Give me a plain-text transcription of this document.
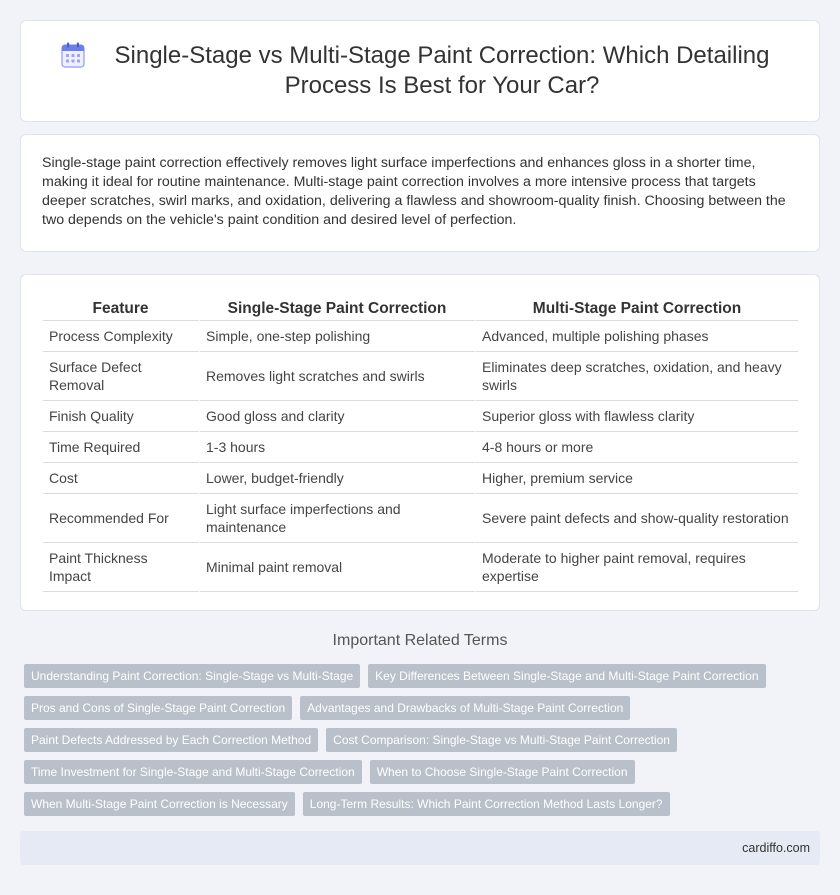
Single-Stage vs Multi-Stage Paint Correction: Which Detailing Process Is Best for Your Car?

Single-stage paint correction effectively removes light surface imperfections and enhances gloss in a shorter time, making it ideal for routine maintenance. Multi-stage paint correction involves a more intensive process that targets deeper scratches, swirl marks, and oxidation, delivering a flawless and showroom-quality finish. Choosing between the two depends on the vehicle's paint condition and desired level of perfection.

Feature	Single-Stage Paint Correction	Multi-Stage Paint Correction
Process Complexity	Simple, one-step polishing	Advanced, multiple polishing phases
Surface Defect Removal	Removes light scratches and swirls	Eliminates deep scratches, oxidation, and heavy swirls
Finish Quality	Good gloss and clarity	Superior gloss with flawless clarity
Time Required	1-3 hours	4-8 hours or more
Cost	Lower, budget-friendly	Higher, premium service
Recommended For	Light surface imperfections and maintenance	Severe paint defects and show-quality restoration
Paint Thickness Impact	Minimal paint removal	Moderate to higher paint removal, requires expertise
Important Related Terms
Understanding Paint Correction: Single-Stage vs Multi-Stage	Key Differences Between Single-Stage and Multi-Stage Paint Correction
Pros and Cons of Single-Stage Paint Correction	Advantages and Drawbacks of Multi-Stage Paint Correction
Paint Defects Addressed by Each Correction Method	Cost Comparison: Single-Stage vs Multi-Stage Paint Correction
Time Investment for Single-Stage and Multi-Stage Correction	When to Choose Single-Stage Paint Correction
When Multi-Stage Paint Correction is Necessary	Long-Term Results: Which Paint Correction Method Lasts Longer?
cardiffo.com
